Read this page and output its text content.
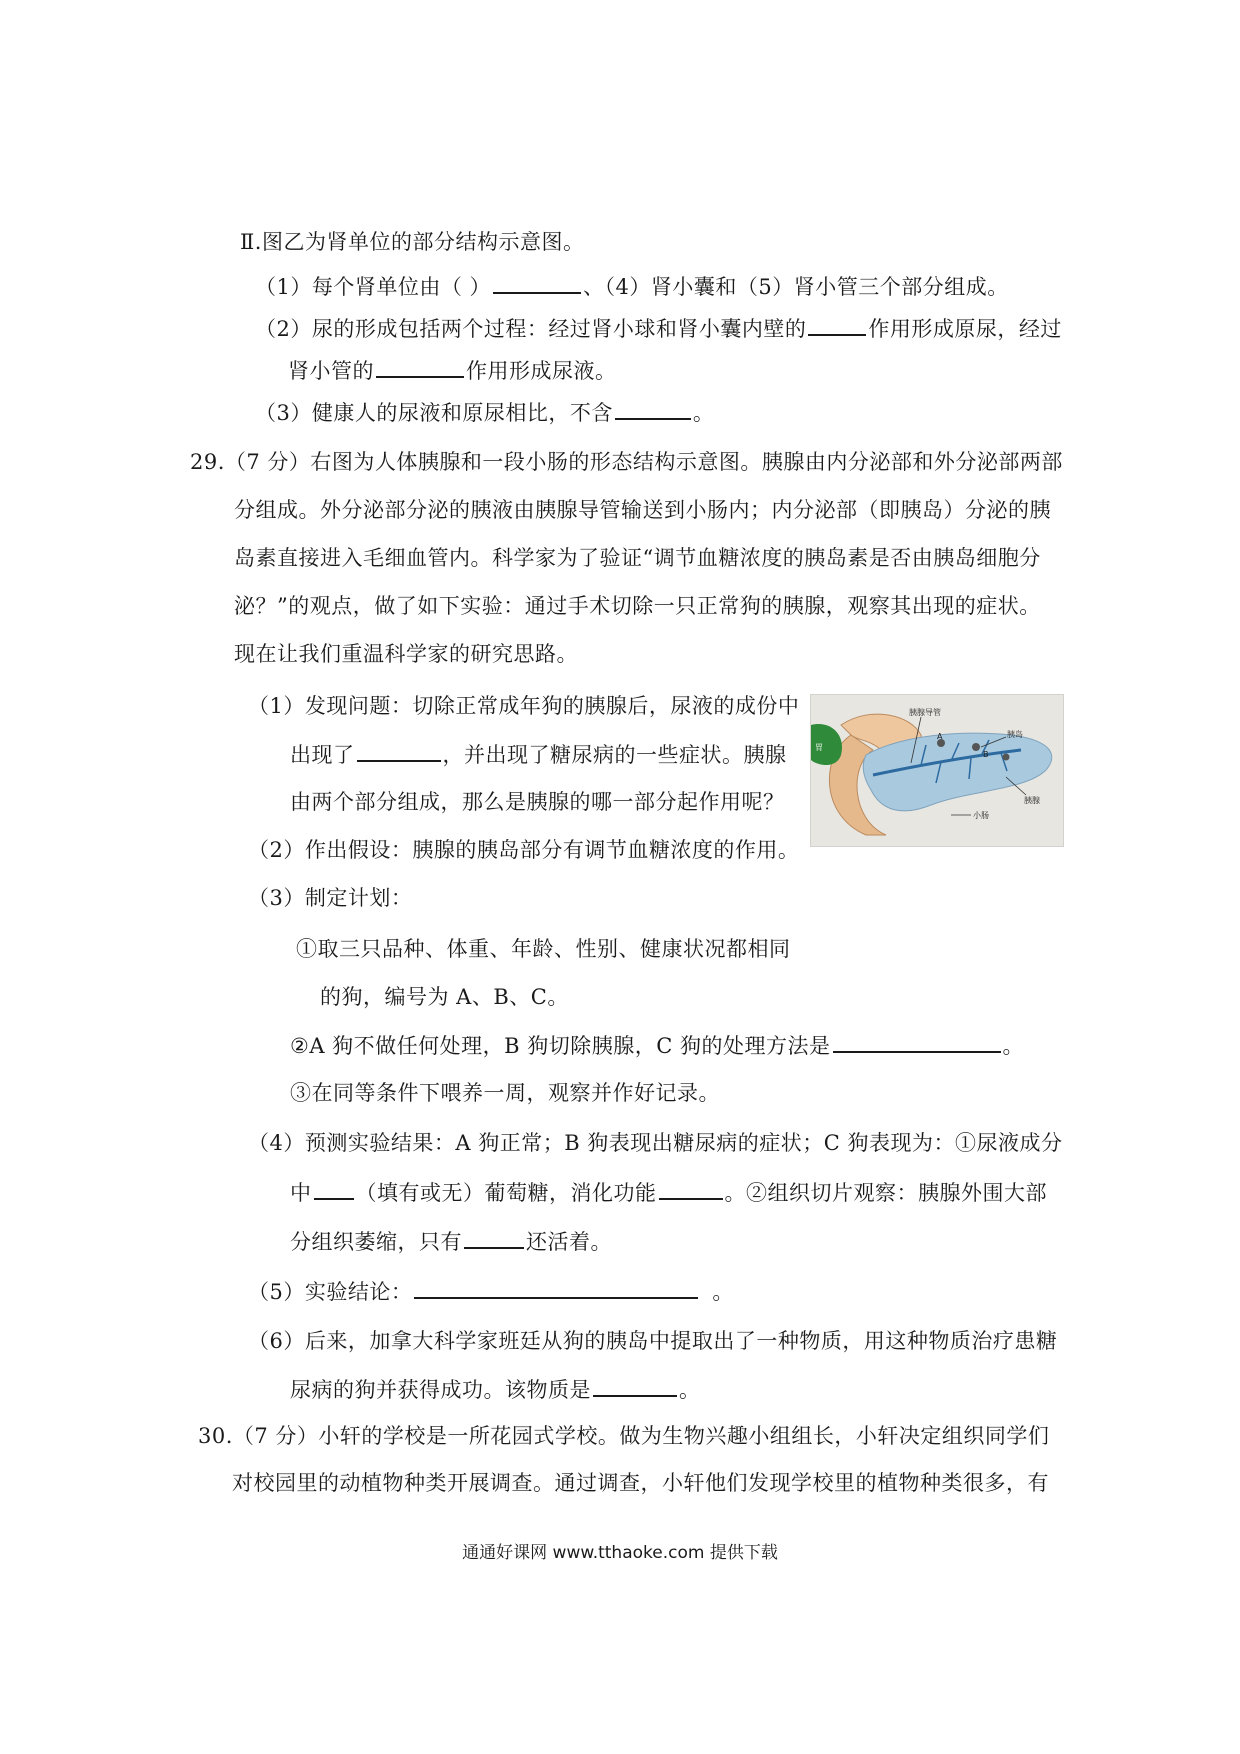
Ⅱ.图乙为肾单位的部分结构示意图。
（1）每个肾单位由（ ）	、（4）肾小囊和（5）肾小管三个部分组成。
（2）尿的形成包括两个过程：经过肾小球和肾小囊内壁的	作用形成原尿，经过
肾小管的	作用形成尿液。
（3）健康人的尿液和原尿相比，不含	。
29.（7 分）右图为人体胰腺和一段小肠的形态结构示意图。胰腺由内分泌部和外分泌部两部
分组成。外分泌部分泌的胰液由胰腺导管输送到小肠内；内分泌部（即胰岛）分泌的胰
岛素直接进入毛细血管内。科学家为了验证“调节血糖浓度的胰岛素是否由胰岛细胞分
泌？”的观点，做了如下实验：通过手术切除一只正常狗的胰腺，观察其出现的症状。
现在让我们重温科学家的研究思路。
（1）发现问题：切除正常成年狗的胰腺后，尿液的成份中
出现了	，并出现了糖尿病的一些症状。胰腺
由两个部分组成，那么是胰腺的哪一部分起作用呢？
胰腺导管
胰岛
A
B
胰腺
小肠
胃
（2）作出假设：胰腺的胰岛部分有调节血糖浓度的作用。
（3）制定计划：
①取三只品种、体重、年龄、性别、健康状况都相同
的狗，编号为 A、B、C。
②A 狗不做任何处理，B 狗切除胰腺，C 狗的处理方法是	。
③在同等条件下喂养一周，观察并作好记录。
（4）预测实验结果：A 狗正常；B 狗表现出糖尿病的症状；C 狗表现为：①尿液成分
中 （填有或无）葡萄糖，消化功能	。②组织切片观察：胰腺外围大部
分组织萎缩，只有	还活着。
（5）实验结论：	。
（6）后来，加拿大科学家班廷从狗的胰岛中提取出了一种物质，用这种物质治疗患糖
尿病的狗并获得成功。该物质是	。
30.（7 分）小轩的学校是一所花园式学校。做为生物兴趣小组组长，小轩决定组织同学们
对校园里的动植物种类开展调查。通过调查，小轩他们发现学校里的植物种类很多，有
通通好课网 www.tthaoke.com 提供下载
